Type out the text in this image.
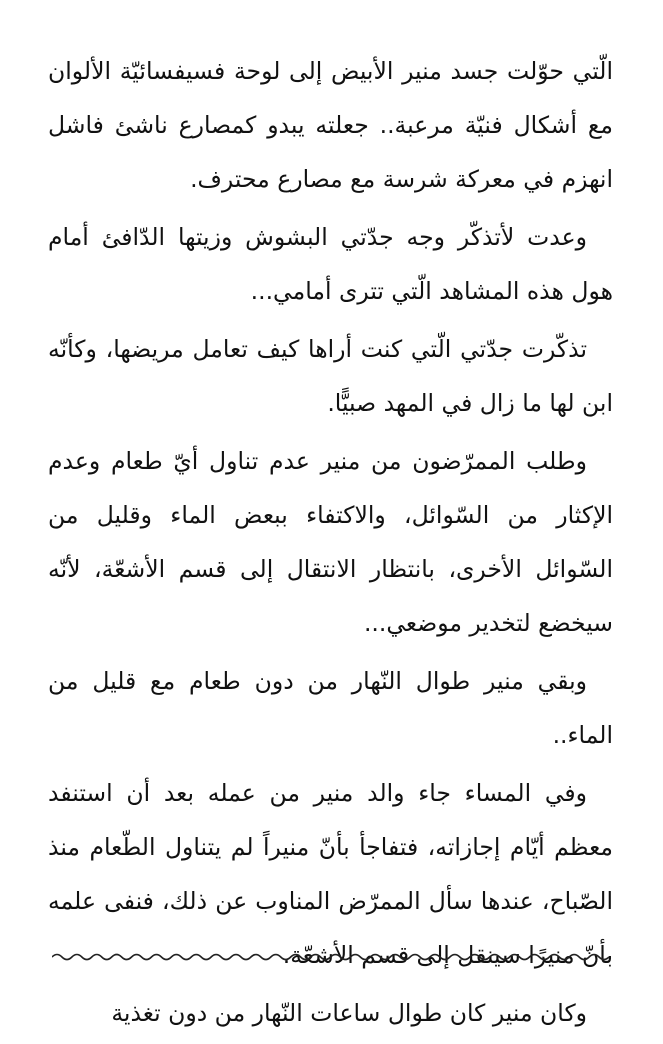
الّتي حوّلت جسد منير الأبيض إلى لوحة فسيفسائيّة الألوان مع أشكال فنيّة مرعبة.. جعلته يبدو كمصارع ناشئ فاشل انهزم في معركة شرسة مع مصارع محترف.

وعدت لأتذكّر وجه جدّتي البشوش وزيتها الدّافئ أمام هول هذه المشاهد الّتي تترى أمامي...

تذكّرت جدّتي الّتي كنت أراها كيف تعامل مريضها، وكأنّه ابن لها ما زال في المهد صبيًّا.

وطلب الممرّضون من منير عدم تناول أيّ طعام وعدم الإكثار من السّوائل، والاكتفاء ببعض الماء وقليل من السّوائل الأخرى، بانتظار الانتقال إلى قسم الأشعّة، لأنّه سيخضع لتخدير موضعي...

وبقي منير طوال النّهار من دون طعام مع قليل من الماء..

وفي المساء جاء والد منير من عمله بعد أن استنفد معظم أيّام إجازاته، فتفاجأ بأنّ منيراً لم يتناول الطّعام منذ الصّباح، عندها سأل الممرّض المناوب عن ذلك، فنفى علمه بأنّ منيرًا سينقل إلى قسم الأشعّة.

وكان منير كان طوال ساعات النّهار من دون تغذية
